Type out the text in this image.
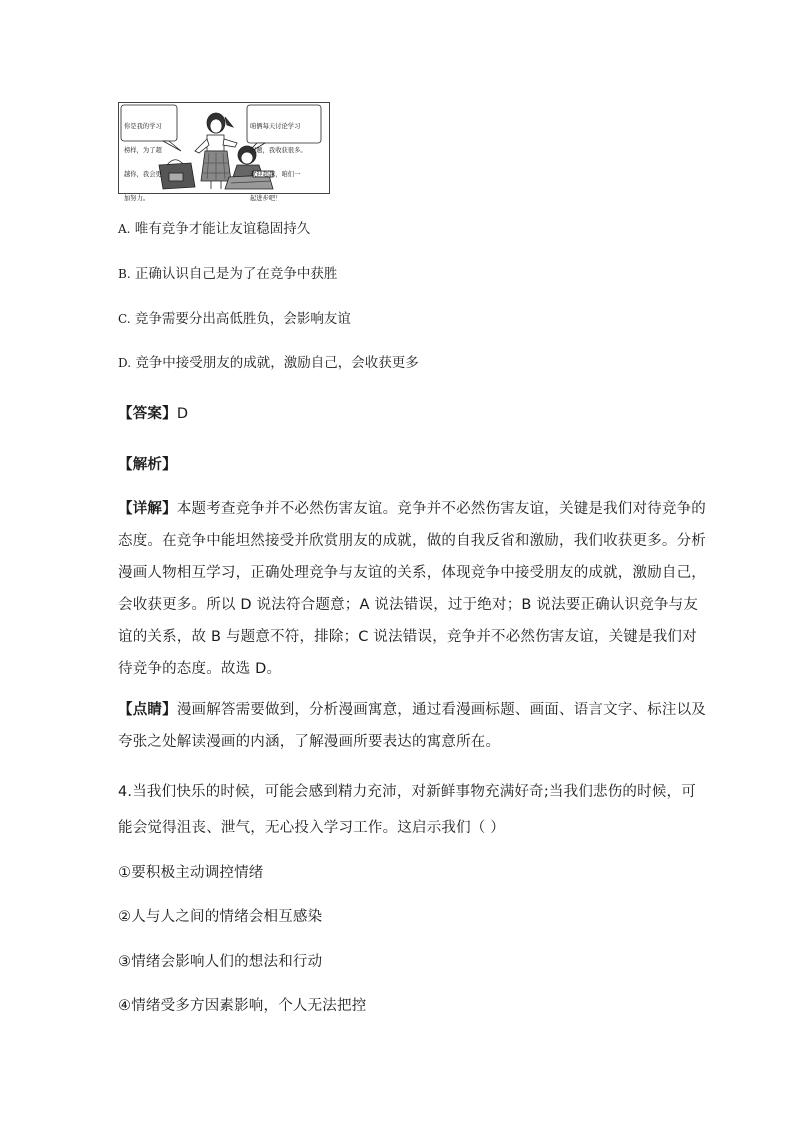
你是我的学习

榜样，为了超

越你，我会更

加努力。

咱俩每天讨论学习

问题，我收获很多。

欢迎超越，咱们一

起进步吧！

A. 唯有竞争才能让友谊稳固持久
B. 正确认识自己是为了在竞争中获胜
C. 竞争需要分出高低胜负，会影响友谊
D. 竞争中接受朋友的成就，激励自己，会收获更多
【答案】D
【解析】
【详解】本题考查竞争并不必然伤害友谊。竞争并不必然伤害友谊，关键是我们对待竞争的
态度。在竞争中能坦然接受并欣赏朋友的成就，做的自我反省和激励，我们收获更多。分析
漫画人物相互学习，正确处理竞争与友谊的关系，体现竞争中接受朋友的成就，激励自己，
会收获更多。所以 D 说法符合题意；A 说法错误，过于绝对；B 说法要正确认识竞争与友
谊的关系，故 B 与题意不符，排除；C 说法错误，竞争并不必然伤害友谊，关键是我们对
待竞争的态度。故选 D。
【点睛】漫画解答需要做到，分析漫画寓意，通过看漫画标题、画面、语言文字、标注以及
夸张之处解读漫画的内涵，了解漫画所要表达的寓意所在。
4.当我们快乐的时候，可能会感到精力充沛，对新鲜事物充满好奇;当我们悲伤的时候，可
能会觉得沮丧、泄气，无心投入学习工作。这启示我们（ ）
①要积极主动调控情绪
②人与人之间的情绪会相互感染
③情绪会影响人们的想法和行动
④情绪受多方因素影响，个人无法把控
